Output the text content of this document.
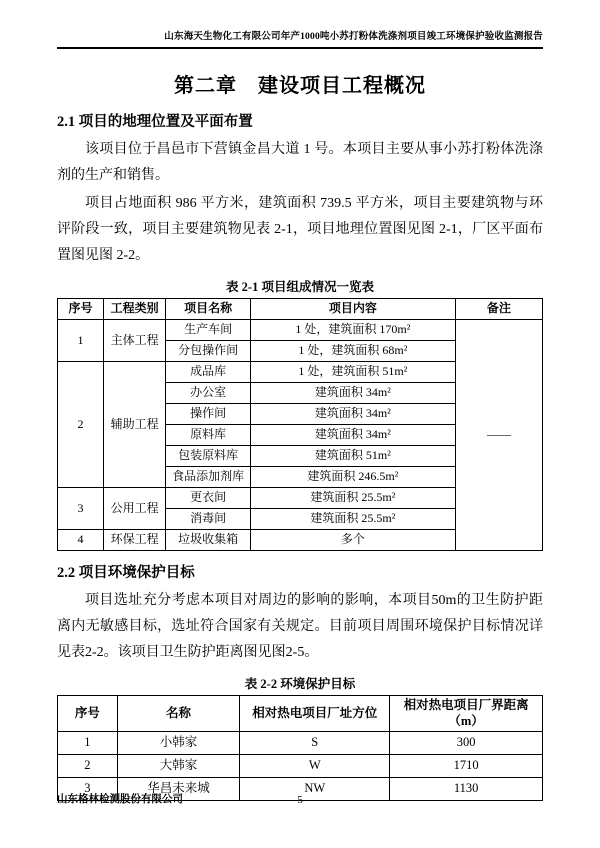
山东海天生物化工有限公司年产1000吨小苏打粉体洗涤剂项目竣工环境保护验收监测报告
第二章　建设项目工程概况
2.1 项目的地理位置及平面布置

该项目位于昌邑市下营镇金昌大道 1 号。本项目主要从事小苏打粉体洗涤剂的生产和销售。

项目占地面积 986 平方米，建筑面积 739.5 平方米，项目主要建筑物与环评阶段一致，项目主要建筑物见表 2-1，项目地理位置图见图 2-1，厂区平面布置图见图 2-2。

表 2-1 项目组成情况一览表
序号	工程类别	项目名称	项目内容	备注
1	主体工程	生产车间	1 处，建筑面积 170m²	——
		分包操作间	1 处，建筑面积 68m²	
2	辅助工程	成品库	1 处，建筑面积 51m²	
		办公室	建筑面积 34m²	
		操作间	建筑面积 34m²	
		原料库	建筑面积 34m²	
		包装原料库	建筑面积 51m²	
		食品添加剂库	建筑面积 246.5m²	
3	公用工程	更衣间	建筑面积 25.5m²	
		消毒间	建筑面积 25.5m²	
4	环保工程	垃圾收集箱	多个	
2.2 项目环境保护目标

项目选址充分考虑本项目对周边的影响的影响，本项目50m的卫生防护距离内无敏感目标，选址符合国家有关规定。目前项目周围环境保护目标情况详见表2-2。该项目卫生防护距离图见图2-5。

表 2-2 环境保护目标
序号	名称	相对热电项目厂址方位	相对热电项目厂界距离（m）
1	小韩家	S	300
2	大韩家	W	1710
3	华昌未来城	NW	1130
山东格林检测股份有限公司	5
